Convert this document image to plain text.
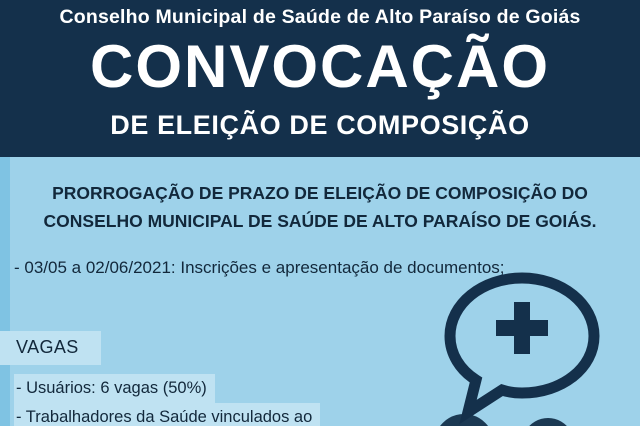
Conselho Municipal de Saúde de Alto Paraíso de Goiás
CONVOCAÇÃO
DE ELEIÇÃO DE COMPOSIÇÃO
PRORROGAÇÃO DE PRAZO DE ELEIÇÃO DE COMPOSIÇÃO DO CONSELHO MUNICIPAL DE SAÚDE DE ALTO PARAÍSO DE GOIÁS.
- 03/05 a 02/06/2021: Inscrições e apresentação de documentos;
VAGAS
- Usuários: 6 vagas (50%)
- Trabalhadores da Saúde vinculados ao
